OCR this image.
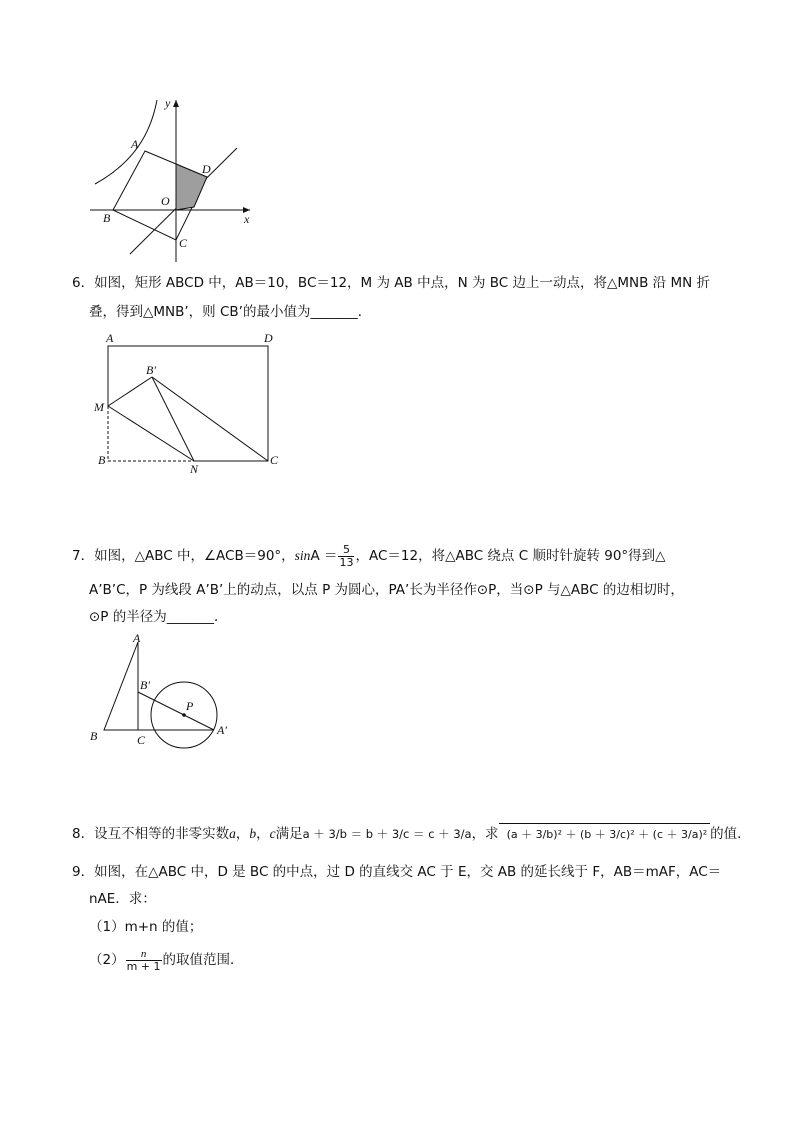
y
x
A
D
O
B
C
6．如图，矩形 ABCD 中，AB＝10，BC＝12，M 为 AB 中点，N 为 BC 边上一动点，将△MNB 沿 MN 折
叠，得到△MNB’，则 CB’的最小值为_______．
A	D
B′
M
B
N
C
7．如图，△ABC 中，∠ACB＝90°，$\sin A = \frac{5}{13}$ ，AC＝12，将△ABC 绕点 C 顺时针旋转 90°得到△
A’B’C，P 为线段 A’B’上的动点，以点 P 为圆心，PA’长为半径作⊙P，当⊙P 与△ABC 的边相切时，
⊙P 的半径为_______．
A
B′
P
B	C
A′
8．设互不相等的非零实数a，b，c满足a ＋ 3/b ＝ b ＋ 3/c ＝ c ＋ 3/a，求 (a ＋ 3/b)² ＋ (b ＋ 3/c)² ＋ (c ＋ 3/a)² 的值．
9．如图，在△ABC 中，D 是 BC 的中点，过 D 的直线交 AC 于 E，交 AB 的延长线于 F，AB＝mAF，AC＝
nAE．求：
（1）m+n 的值；
$(2) \frac{n}{m + 1}$ 的取值范围．
